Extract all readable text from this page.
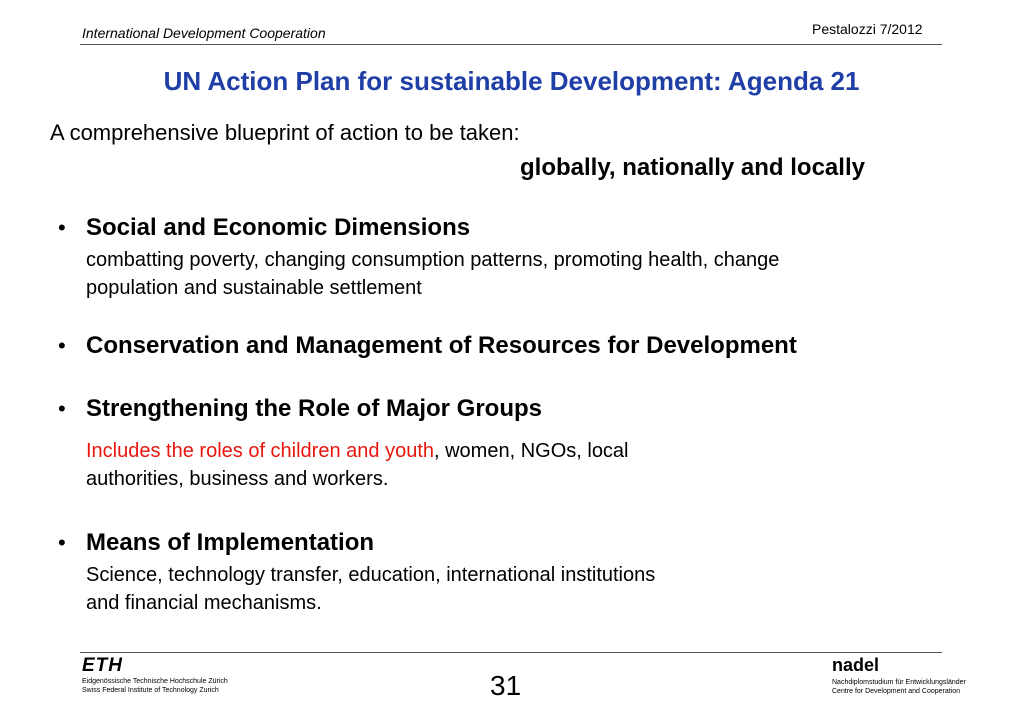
International Development Cooperation	Pestalozzi 7/2012
UN Action Plan for sustainable Development: Agenda 21
A comprehensive blueprint of action to be taken:
globally, nationally and locally
• Social and Economic Dimensions
combatting poverty, changing consumption patterns, promoting health, change
population and sustainable settlement
• Conservation and Management of Resources for Development
• Strengthening the Role of Major Groups
Includes the roles of children and youth, women, NGOs, local
authorities, business and workers.
• Means of Implementation
Science, technology transfer, education, international institutions
and financial mechanisms.
ETH
Eidgenössische Technische Hochschule Zürich
Swiss Federal Institute of Technology Zurich	31
nadel
Nachdiplomstudium für Entwicklungsländer
Centre for Development and Cooperation
